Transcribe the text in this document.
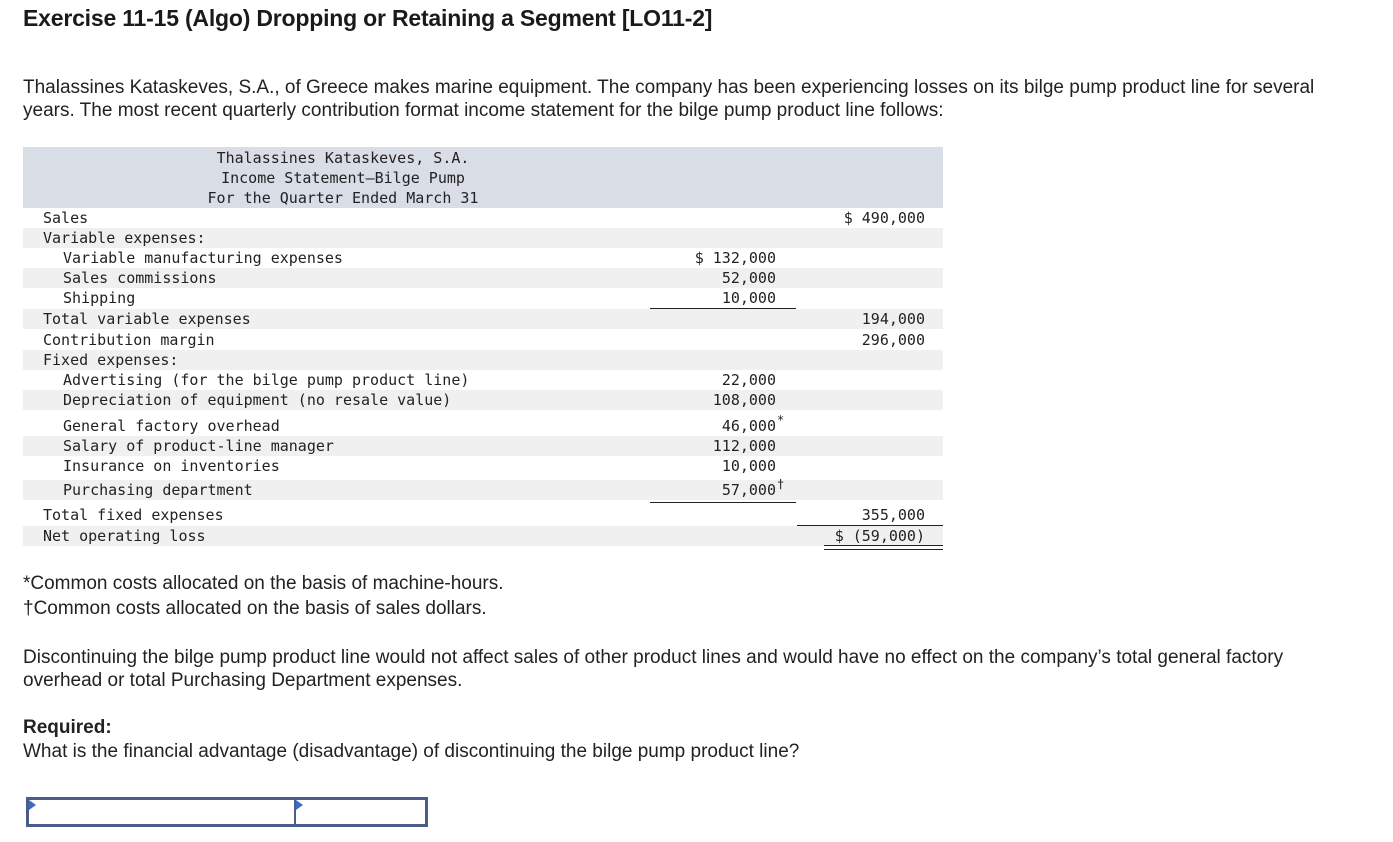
Exercise 11-15 (Algo) Dropping or Retaining a Segment [LO11-2]
Thalassines Kataskeves, S.A., of Greece makes marine equipment. The company has been experiencing losses on its bilge pump product line for several years. The most recent quarterly contribution format income statement for the bilge pump product line follows:
Thalassines Kataskeves, S.A.
Income Statement—Bilge Pump
For the Quarter Ended March 31
Sales	$ 490,000
Variable expenses:
Variable manufacturing expenses	$ 132,000
Sales commissions	52,000
Shipping	10,000
Total variable expenses	194,000
Contribution margin	296,000
Fixed expenses:
Advertising (for the bilge pump product line)	22,000
Depreciation of equipment (no resale value)	108,000
General factory overhead	46,000 *
Salary of product-line manager	112,000
Insurance on inventories	10,000
Purchasing department	57,000 †
Total fixed expenses	355,000
Net operating loss	$ (59,000)
*Common costs allocated on the basis of machine-hours.
†Common costs allocated on the basis of sales dollars.
Discontinuing the bilge pump product line would not affect sales of other product lines and would have no effect on the company’s total general factory overhead or total Purchasing Department expenses.
Required:
What is the financial advantage (disadvantage) of discontinuing the bilge pump product line?
